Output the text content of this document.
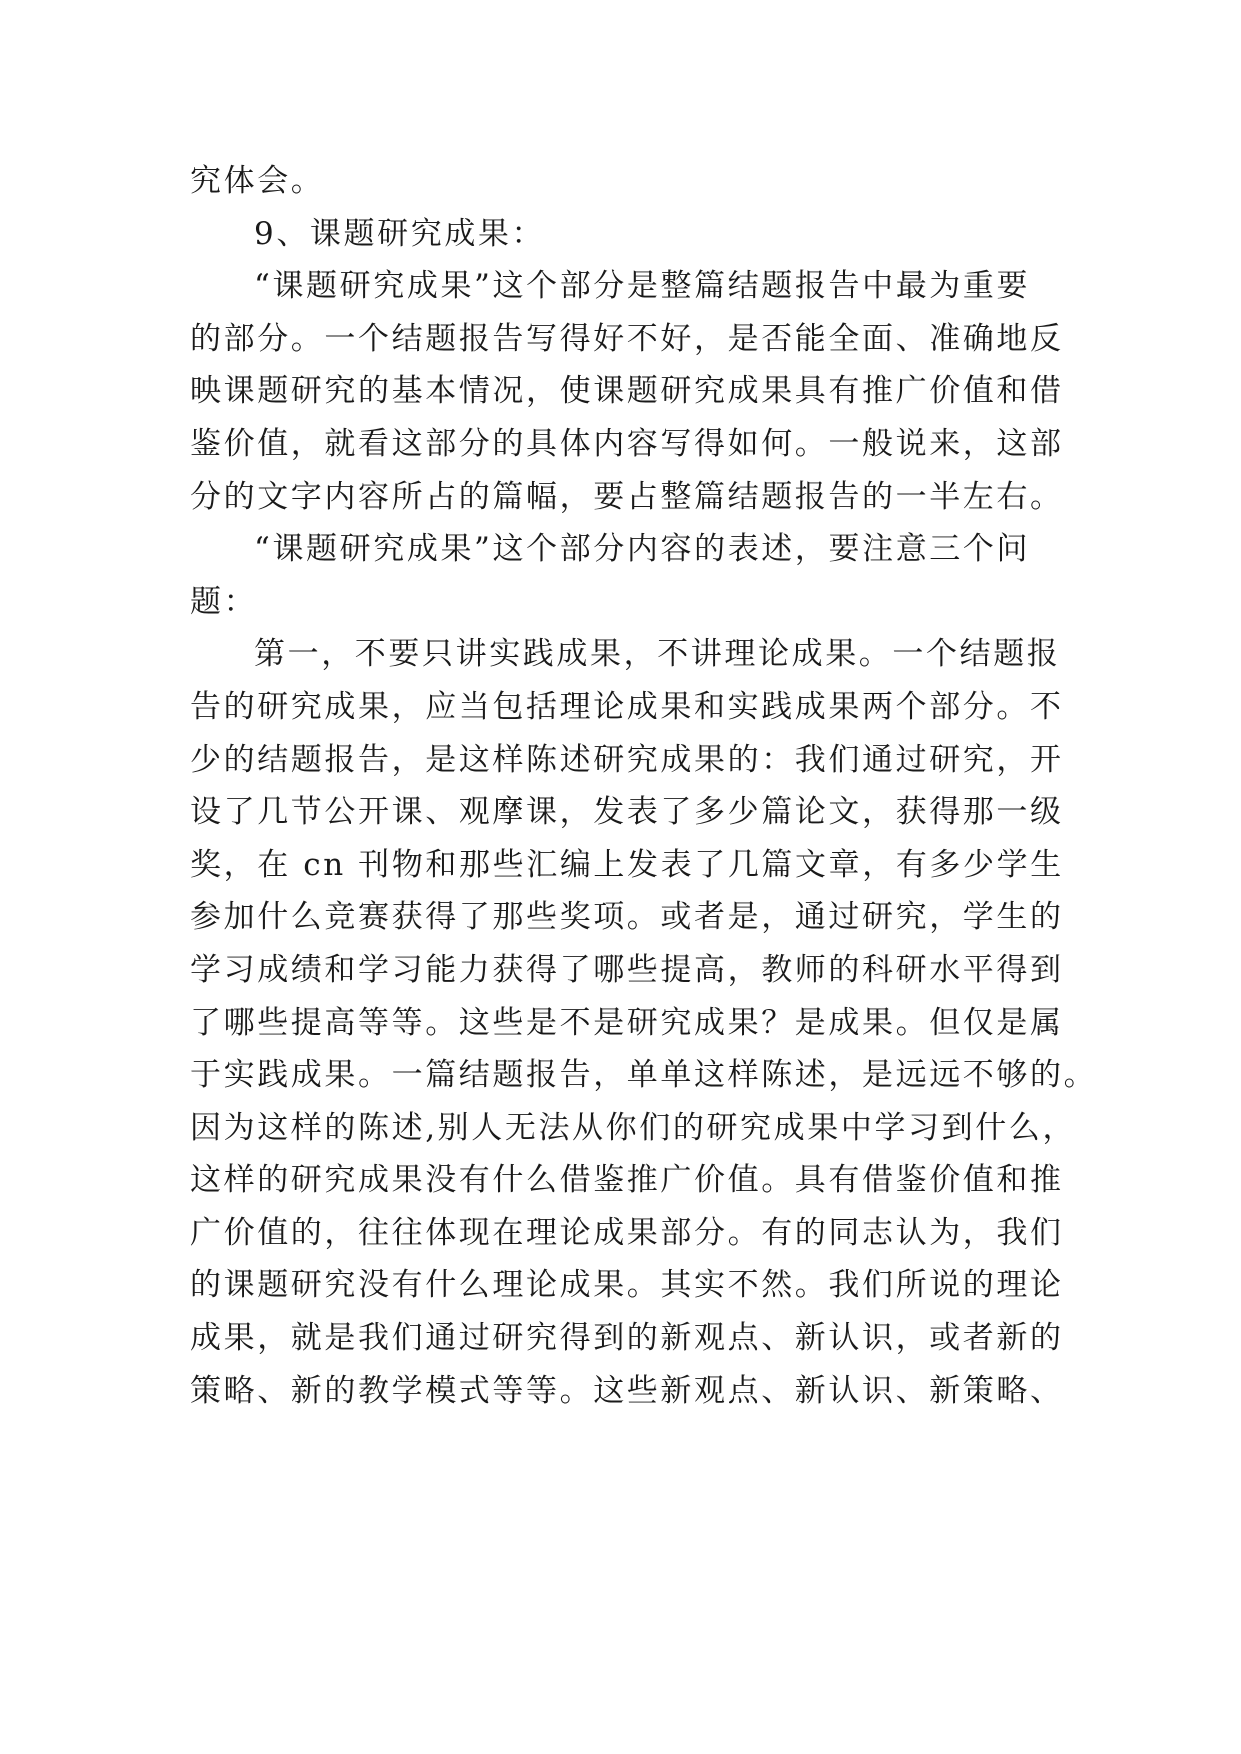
究体会。
9、课题研究成果：
“课题研究成果”这个部分是整篇结题报告中最为重要
的部分。一个结题报告写得好不好，是否能全面、准确地反
映课题研究的基本情况，使课题研究成果具有推广价值和借
鉴价值，就看这部分的具体内容写得如何。一般说来，这部
分的文字内容所占的篇幅，要占整篇结题报告的一半左右。
“课题研究成果”这个部分内容的表述，要注意三个问
题：
第一，不要只讲实践成果，不讲理论成果。一个结题报
告的研究成果，应当包括理论成果和实践成果两个部分。不
少的结题报告，是这样陈述研究成果的：我们通过研究，开
设了几节公开课、观摩课，发表了多少篇论文，获得那一级
奖，在 cn 刊物和那些汇编上发表了几篇文章，有多少学生
参加什么竞赛获得了那些奖项。或者是，通过研究，学生的
学习成绩和学习能力获得了哪些提高，教师的科研水平得到
了哪些提高等等。这些是不是研究成果？是成果。但仅是属
于实践成果。一篇结题报告，单单这样陈述，是远远不够的。
因为这样的陈述,别人无法从你们的研究成果中学习到什么，
这样的研究成果没有什么借鉴推广价值。具有借鉴价值和推
广价值的，往往体现在理论成果部分。有的同志认为，我们
的课题研究没有什么理论成果。其实不然。我们所说的理论
成果，就是我们通过研究得到的新观点、新认识，或者新的
策略、新的教学模式等等。这些新观点、新认识、新策略、
